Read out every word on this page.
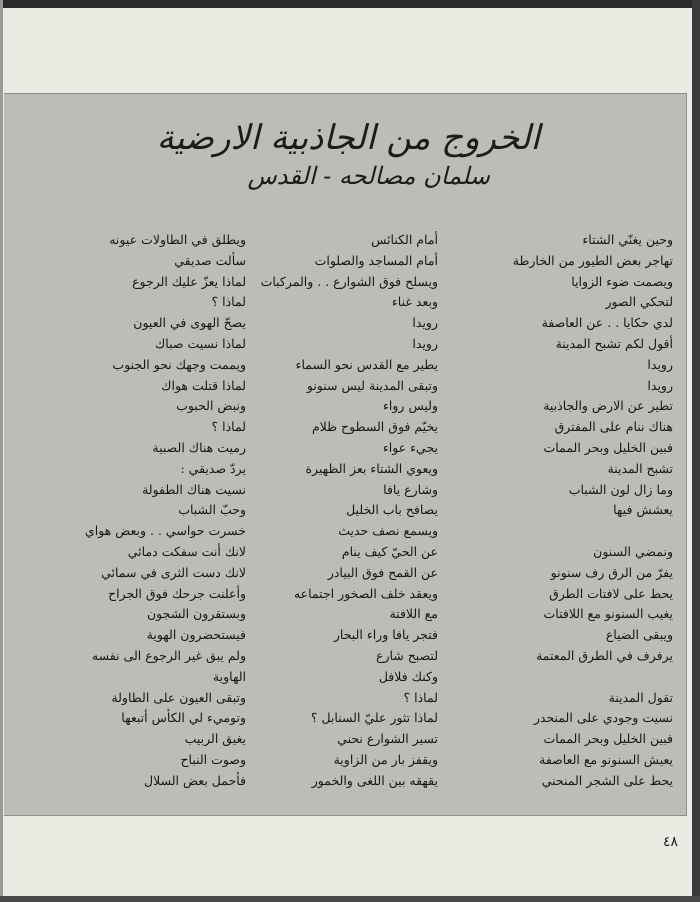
الخروج من الجاذبية الارضية
سلمان مصالحه - القدس
وحين يغنّي الشتاء
تهاجر بعض الطيور من الخارطة
ويصمت ضوء الزوايا
لتحكي الصور
لدي حكايا . . عن العاصفة
أقول لكم تشبح المدينة
رويدا
رويدا
تطير عن الارض والجاذبية
هناك ننام على المفترق
فبين الخليل وبحر الممات
تشبح المدينة
وما زال لون الشباب
يعشش فيها
ونمضي السنون
يفرّ من الرق رف سنونو
يحط على لافتات الطرق
يغيب السنونو مع اللافتات
ويبقى الضياع
يرفرف في الطرق المعتمة
تقول المدينة
نسيت وجودي على المنحدر
فبين الخليل وبحر الممات
يعيش السنونو مع العاصفة
يحط على الشجر المنحني
أمام الكنائس
أمام المساجد والصلوات
ويسلح فوق الشوارع . . والمركبات
وبعد غناء
رويدا
رويدا
يطير مع القدس نحو السماء
وتبقى المدينة ليس سنونو
وليس رواء
يخيّم فوق السطوح ظلام
يجيء عواء
ويعوي الشتاء بعز الظهيرة
وشارع يافا
يصافح باب الخليل
ويسمع نصف حديث
عن الحيّ كيف ينام
عن القمح فوق البيادر
ويعقد خلف الصخور اجتماعه
مع اللافتة
فتجر يافا وراء البحار
لتصبح شارع
وكنك فلافل
لماذا ؟
لماذا تثور عليّ السنابل ؟
تسير الشوارع نحني
ويقفز بار من الزاوية
يقهقه بين اللغى والخمور
ويطلق في الطاولات عيونه
سألت صديقي
لماذا يعزّ عليك الرجوع
لماذا ؟
يصحّ الهوى في العيون
لماذا نسيت صباك
ويممت وجهك نحو الجنوب
لماذا قتلت هواك
ونبض الحبوب
لماذا ؟
رميت هناك الصبية
يردّ صديقي :
نسيت هناك الطفولة
وحبّ الشباب
خسرت حواسي . . وبعض هواي
لانك أنت سفكت دمائي
لانك دست الثرى في سمائي
وأعلنت جرحك فوق الجراح
وبستقرون الشجون
فيستحضرون الهوية
ولم يبق غير الرجوع الى نفسه
الهاوية
وتبقى العيون على الطاولة
وتوميء لي الكأس أتبعها
يغيق الربيب
وصوت النباح
فأحمل بعض السلال
٤٨
